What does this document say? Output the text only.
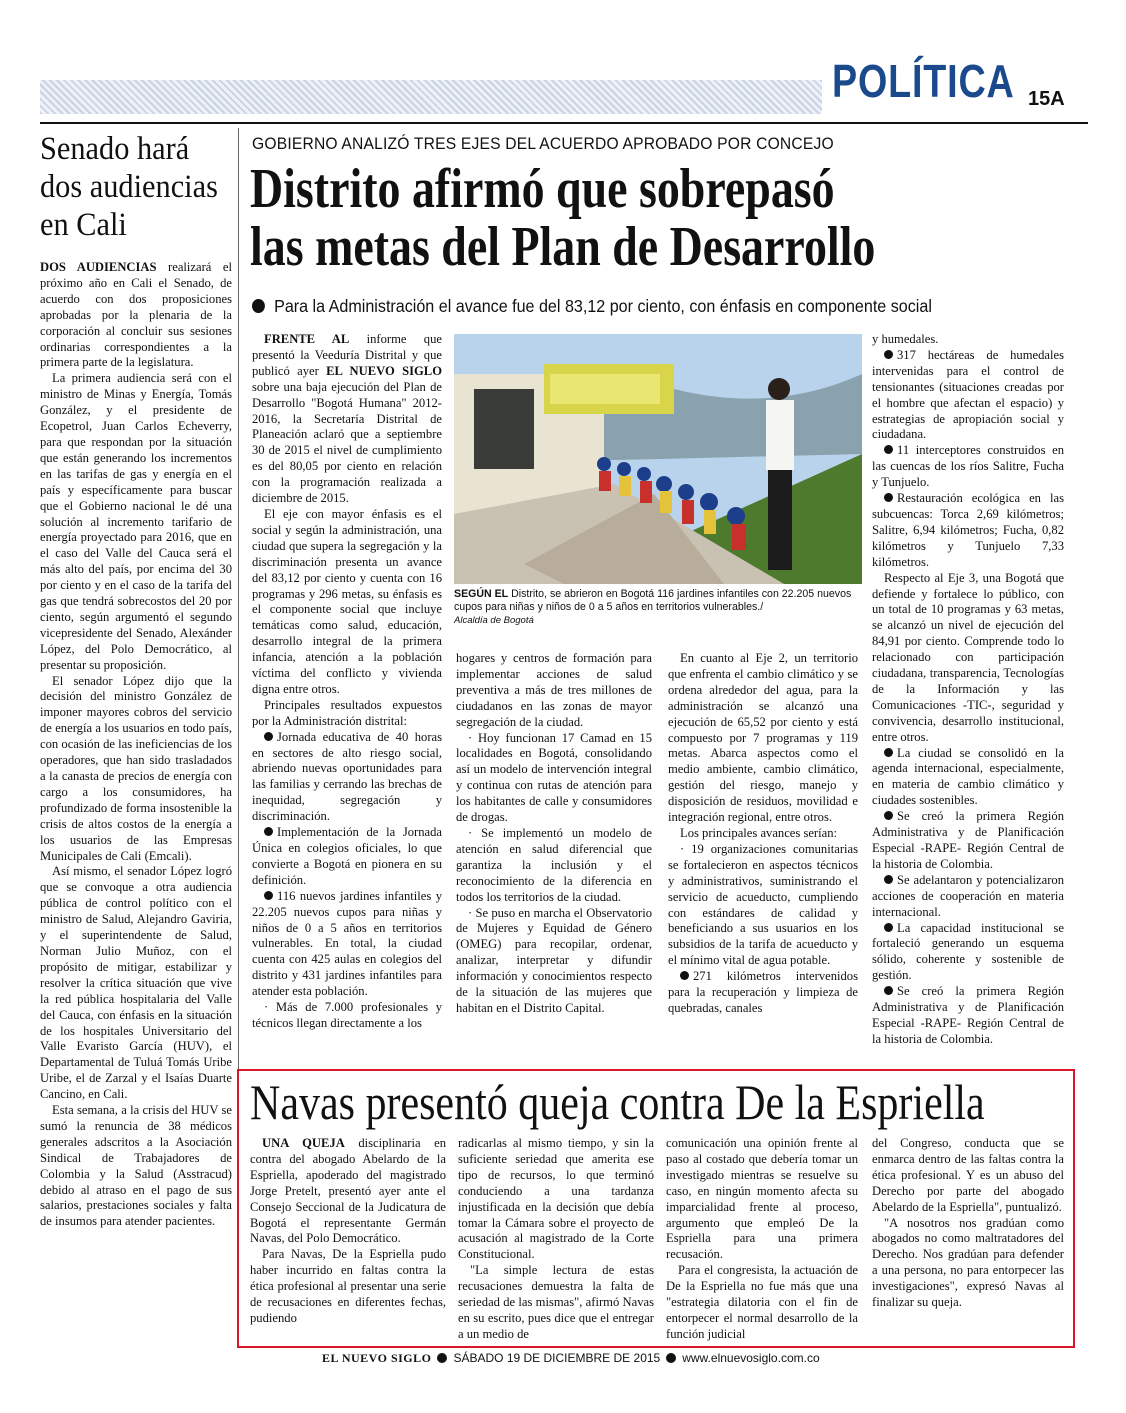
POLÍTICA 15A
Senado hará dos audiencias en Cali

DOS AUDIENCIAS realizará el próximo año en Cali el Senado, de acuerdo con dos proposiciones aprobadas por la plenaria de la corporación al concluir sus sesiones ordinarias correspondientes a la primera parte de la legislatura.

La primera audiencia será con el ministro de Minas y Energía, Tomás González, y el presidente de Ecopetrol, Juan Carlos Echeverry, para que respondan por la situación que están generando los incrementos en las tarifas de gas y energía en el país y específicamente para buscar que el Gobierno nacional le dé una solución al incremento tarifario de energía proyectado para 2016, que en el caso del Valle del Cauca será el más alto del país, por encima del 30 por ciento y en el caso de la tarifa del gas que tendrá sobrecostos del 20 por ciento, según argumentó el segundo vicepresidente del Senado, Alexánder López, del Polo Democrático, al presentar su proposición.

El senador López dijo que la decisión del ministro González de imponer mayores cobros del servicio de energía a los usuarios en todo país, con ocasión de las ineficiencias de los operadores, que han sido trasladados a la canasta de precios de energía con cargo a los consumidores, ha profundizado de forma insostenible la crisis de altos costos de la energía a los usuarios de las Empresas Municipales de Cali (Emcali).

Así mismo, el senador López logró que se convoque a otra audiencia pública de control político con el ministro de Salud, Alejandro Gaviria, y el superintendente de Salud, Norman Julio Muñoz, con el propósito de mitigar, estabilizar y resolver la crítica situación que vive la red pública hospitalaria del Valle del Cauca, con énfasis en la situación de los hospitales Universitario del Valle Evaristo García (HUV), el Departamental de Tuluá Tomás Uribe Uribe, el de Zarzal y el Isaías Duarte Cancino, en Cali.

Esta semana, a la crisis del HUV se sumó la renuncia de 38 médicos generales adscritos a la Asociación Sindical de Trabajadores de Colombia y la Salud (Asstracud) debido al atraso en el pago de sus salarios, prestaciones sociales y falta de insumos para atender pacientes.

GOBIERNO ANALIZÓ TRES EJES DEL ACUERDO APROBADO POR CONCEJO
Distrito afirmó que sobrepasó
las metas del Plan de Desarrollo
Para la Administración el avance fue del 83,12 por ciento, con énfasis en componente social

FRENTE AL informe que presentó la Veeduría Distrital y que publicó ayer EL NUEVO SIGLO sobre una baja ejecución del Plan de Desarrollo "Bogotá Humana" 2012-2016, la Secretaría Distrital de Planeación aclaró que a septiembre 30 de 2015 el nivel de cumplimiento es del 80,05 por ciento en relación con la programación realizada a diciembre de 2015.

El eje con mayor énfasis es el social y según la administración, una ciudad que supera la segregación y la discriminación presenta un avance del 83,12 por ciento y cuenta con 16 programas y 296 metas, su énfasis es el componente social que incluye temáticas como salud, educación, desarrollo integral de la primera infancia, atención a la población víctima del conflicto y vivienda digna entre otros.

Principales resultados expuestos por la Administración distrital:

Jornada educativa de 40 horas en sectores de alto riesgo social, abriendo nuevas oportunidades para las familias y cerrando las brechas de inequidad, segregación y discriminación.

Implementación de la Jornada Única en colegios oficiales, lo que convierte a Bogotá en pionera en su definición.

116 nuevos jardines infantiles y 22.205 nuevos cupos para niñas y niños de 0 a 5 años en territorios vulnerables. En total, la ciudad cuenta con 425 aulas en colegios del distrito y 431 jardines infantiles para atender esta población.

· Más de 7.000 profesionales y técnicos llegan directamente a los

SEGÚN EL Distrito, se abrieron en Bogotá 116 jardines infantiles con 22.205 nuevos cupos para niñas y niños de 0 a 5 años en territorios vulnerables./
Alcaldía de Bogotá

hogares y centros de formación para implementar acciones de salud preventiva a más de tres millones de ciudadanos en las zonas de mayor segregación de la ciudad.

· Hoy funcionan 17 Camad en 15 localidades en Bogotá, consolidando así un modelo de intervención integral y continua con rutas de atención para los habitantes de calle y consumidores de drogas.

· Se implementó un modelo de atención en salud diferencial que garantiza la inclusión y el reconocimiento de la diferencia en todos los territorios de la ciudad.

· Se puso en marcha el Observatorio de Mujeres y Equidad de Género (OMEG) para recopilar, ordenar, analizar, interpretar y difundir información y conocimientos respecto de la situación de las mujeres que habitan en el Distrito Capital.

En cuanto al Eje 2, un territorio que enfrenta el cambio climático y se ordena alrededor del agua, para la administración se alcanzó una ejecución de 65,52 por ciento y está compuesto por 7 programas y 119 metas. Abarca aspectos como el medio ambiente, cambio climático, gestión del riesgo, manejo y disposición de residuos, movilidad e integración regional, entre otros.

Los principales avances serían:

· 19 organizaciones comunitarias se fortalecieron en aspectos técnicos y administrativos, suministrando el servicio de acueducto, cumpliendo con estándares de calidad y beneficiando a sus usuarios en los subsidios de la tarifa de acueducto y el mínimo vital de agua potable.

271 kilómetros intervenidos para la recuperación y limpieza de quebradas, canales

y humedales.

317 hectáreas de humedales intervenidas para el control de tensionantes (situaciones creadas por el hombre que afectan el espacio) y estrategias de apropiación social y ciudadana.

11 interceptores construidos en las cuencas de los ríos Salitre, Fucha y Tunjuelo.

Restauración ecológica en las subcuencas: Torca 2,69 kilómetros; Salitre, 6,94 kilómetros; Fucha, 0,82 kilómetros y Tunjuelo 7,33 kilómetros.

Respecto al Eje 3, una Bogotá que defiende y fortalece lo público, con un total de 10 programas y 63 metas, se alcanzó un nivel de ejecución del 84,91 por ciento. Comprende todo lo relacionado con participación ciudadana, transparencia, Tecnologías de la Información y las Comunicaciones -TIC-, seguridad y convivencia, desarrollo institucional, entre otros.

La ciudad se consolidó en la agenda internacional, especialmente, en materia de cambio climático y ciudades sostenibles.

Se creó la primera Región Administrativa y de Planificación Especial -RAPE- Región Central de la historia de Colombia.

Se adelantaron y potencializaron acciones de cooperación en materia internacional.

La capacidad institucional se fortaleció generando un esquema sólido, coherente y sostenible de gestión.

Se creó la primera Región Administrativa y de Planificación Especial -RAPE- Región Central de la historia de Colombia.

Navas presentó queja contra De la Espriella

UNA QUEJA disciplinaria en contra del abogado Abelardo de la Espriella, apoderado del magistrado Jorge Pretelt, presentó ayer ante el Consejo Seccional de la Judicatura de Bogotá el representante Germán Navas, del Polo Democrático.

Para Navas, De la Espriella pudo haber incurrido en faltas contra la ética profesional al presentar una serie de recusaciones en diferentes fechas, pudiendo

radicarlas al mismo tiempo, y sin la suficiente seriedad que amerita ese tipo de recursos, lo que terminó conduciendo a una tardanza injustificada en la decisión que debía tomar la Cámara sobre el proyecto de acusación al magistrado de la Corte Constitucional.

"La simple lectura de estas recusaciones demuestra la falta de seriedad de las mismas", afirmó Navas en su escrito, pues dice que el entregar a un medio de

comunicación una opinión frente al paso al costado que debería tomar un investigado mientras se resuelve su caso, en ningún momento afecta su imparcialidad frente al proceso, argumento que empleó De la Espriella para una primera recusación.

Para el congresista, la actuación de De la Espriella no fue más que una "estrategia dilatoria con el fin de entorpecer el normal desarrollo de la función judicial

del Congreso, conducta que se enmarca dentro de las faltas contra la ética profesional. Y es un abuso del Derecho por parte del abogado Abelardo de la Espriella", puntualizó.

"A nosotros nos gradúan como abogados no como maltratadores del Derecho. Nos gradúan para defender a una persona, no para entorpecer las investigaciones", expresó Navas al finalizar su queja.

EL NUEVO SIGLO SÁBADO 19 DE DICIEMBRE DE 2015 www.elnuevosiglo.com.co
